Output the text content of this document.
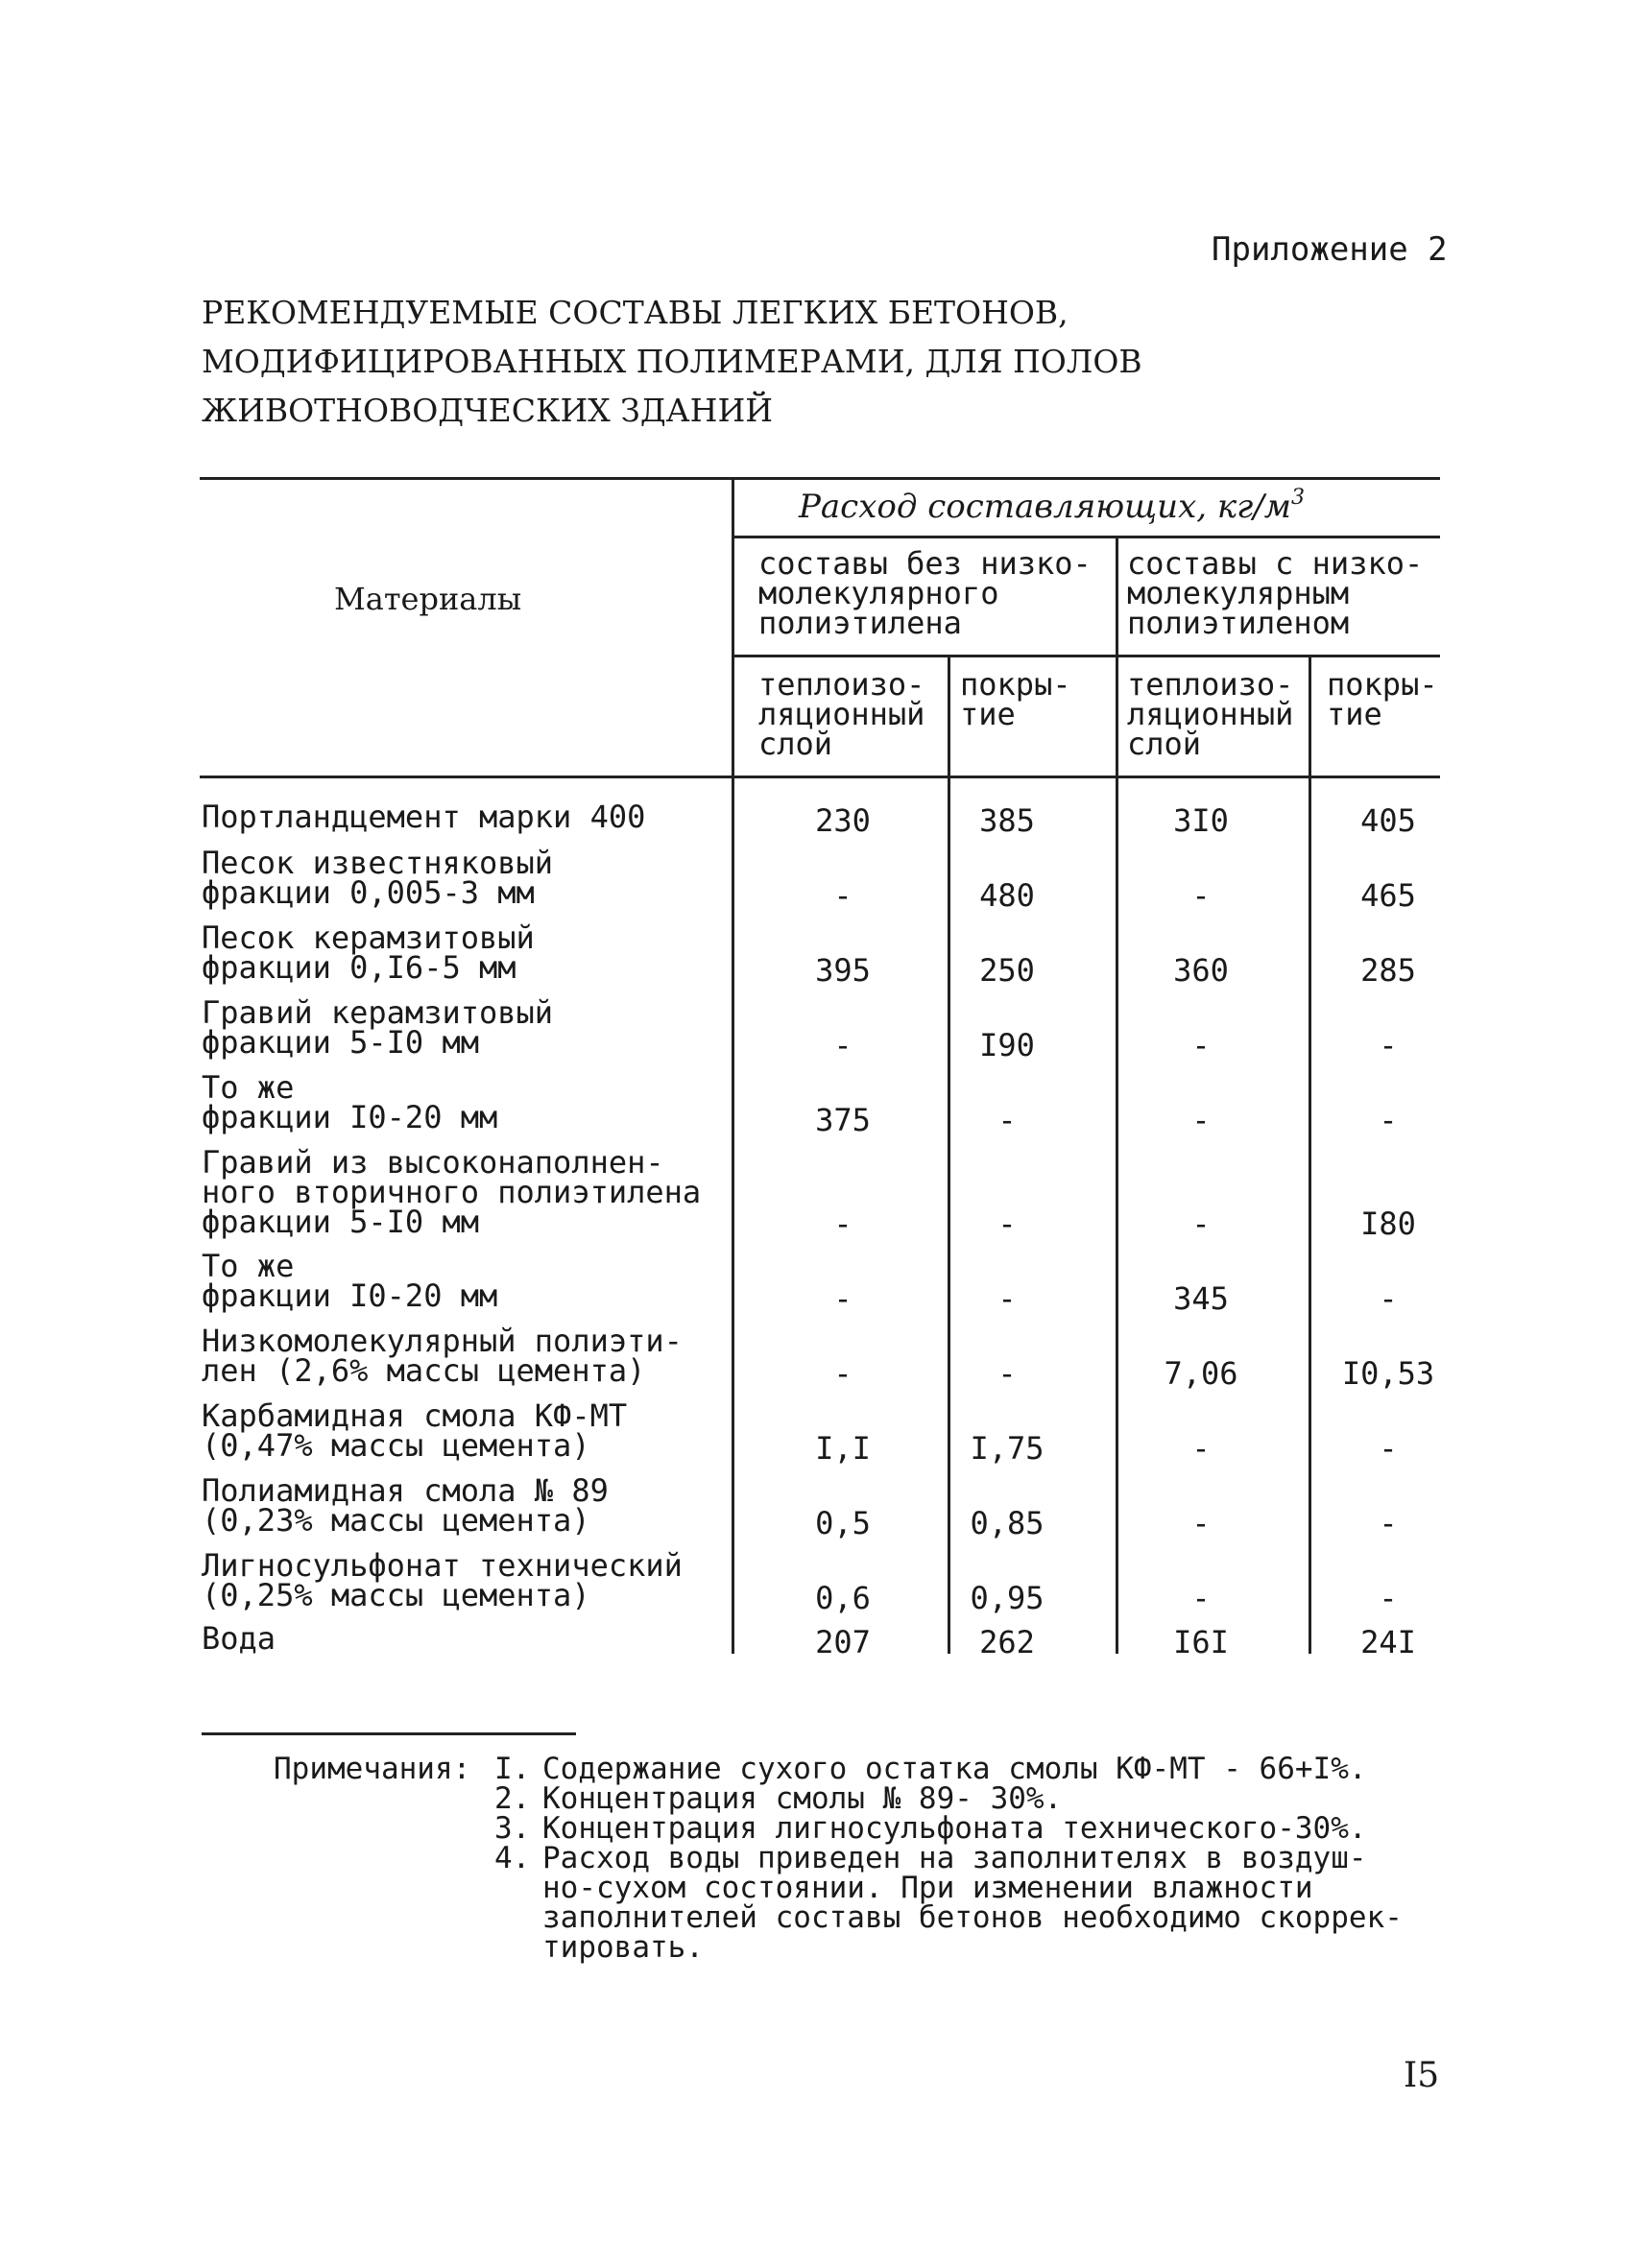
Приложение 2
РЕКОМЕНДУЕМЫЕ СОСТАВЫ ЛЕГКИХ БЕТОНОВ,
МОДИФИЦИРОВАННЫХ ПОЛИМЕРАМИ, ДЛЯ ПОЛОВ
ЖИВОТНОВОДЧЕСКИХ ЗДАНИЙ
Материалы
Расход составляющих, $кг/м^3$
составы без низко-
молекулярного
полиэтилена
составы с низко-
молекулярным
полиэтиленом
теплоизо-
ляционный
слой
покры-
тие
теплоизо-
ляционный
слой
покры-
тие
Портландцемент марки 400	230	385	3I0	405
Песок известняковый
фракции 0,005-3 мм	-	480	-	465
Песок керамзитовый
фракции 0,I6-5 мм	395	250	360	285
Гравий керамзитовый
фракции 5-I0 мм	-	I90	-	-
То же
фракции I0-20 мм	375	-	-	-
Гравий из высоконаполнен-
ного вторичного полиэтилена
фракции 5-I0 мм	-	-	-	I80
То же
фракции I0-20 мм	-	-	345	-
Низкомолекулярный полиэти-
лен (2,6% массы цемента)	-	-	7,06	I0,53
Карбамидная смола КФ-МТ
(0,47% массы цемента)	I,I	I,75	-	-
Полиамидная смола № 89
(0,23% массы цемента)	0,5	0,85	-	-
Лигносульфонат технический
(0,25% массы цемента)	0,6	0,95	-	-
Вода	207	262	I6I	24I
Примечания: I. Содержание сухого остатка смолы КФ-МТ - 66+I%.
2. Концентрация смолы № 89- 30%.
3. Концентрация лигносульфоната технического-30%.
4. Расход воды приведен на заполнителях в воздуш-
но-сухом состоянии. При изменении влажности
заполнителей составы бетонов необходимо скоррек-
тировать.
I5
